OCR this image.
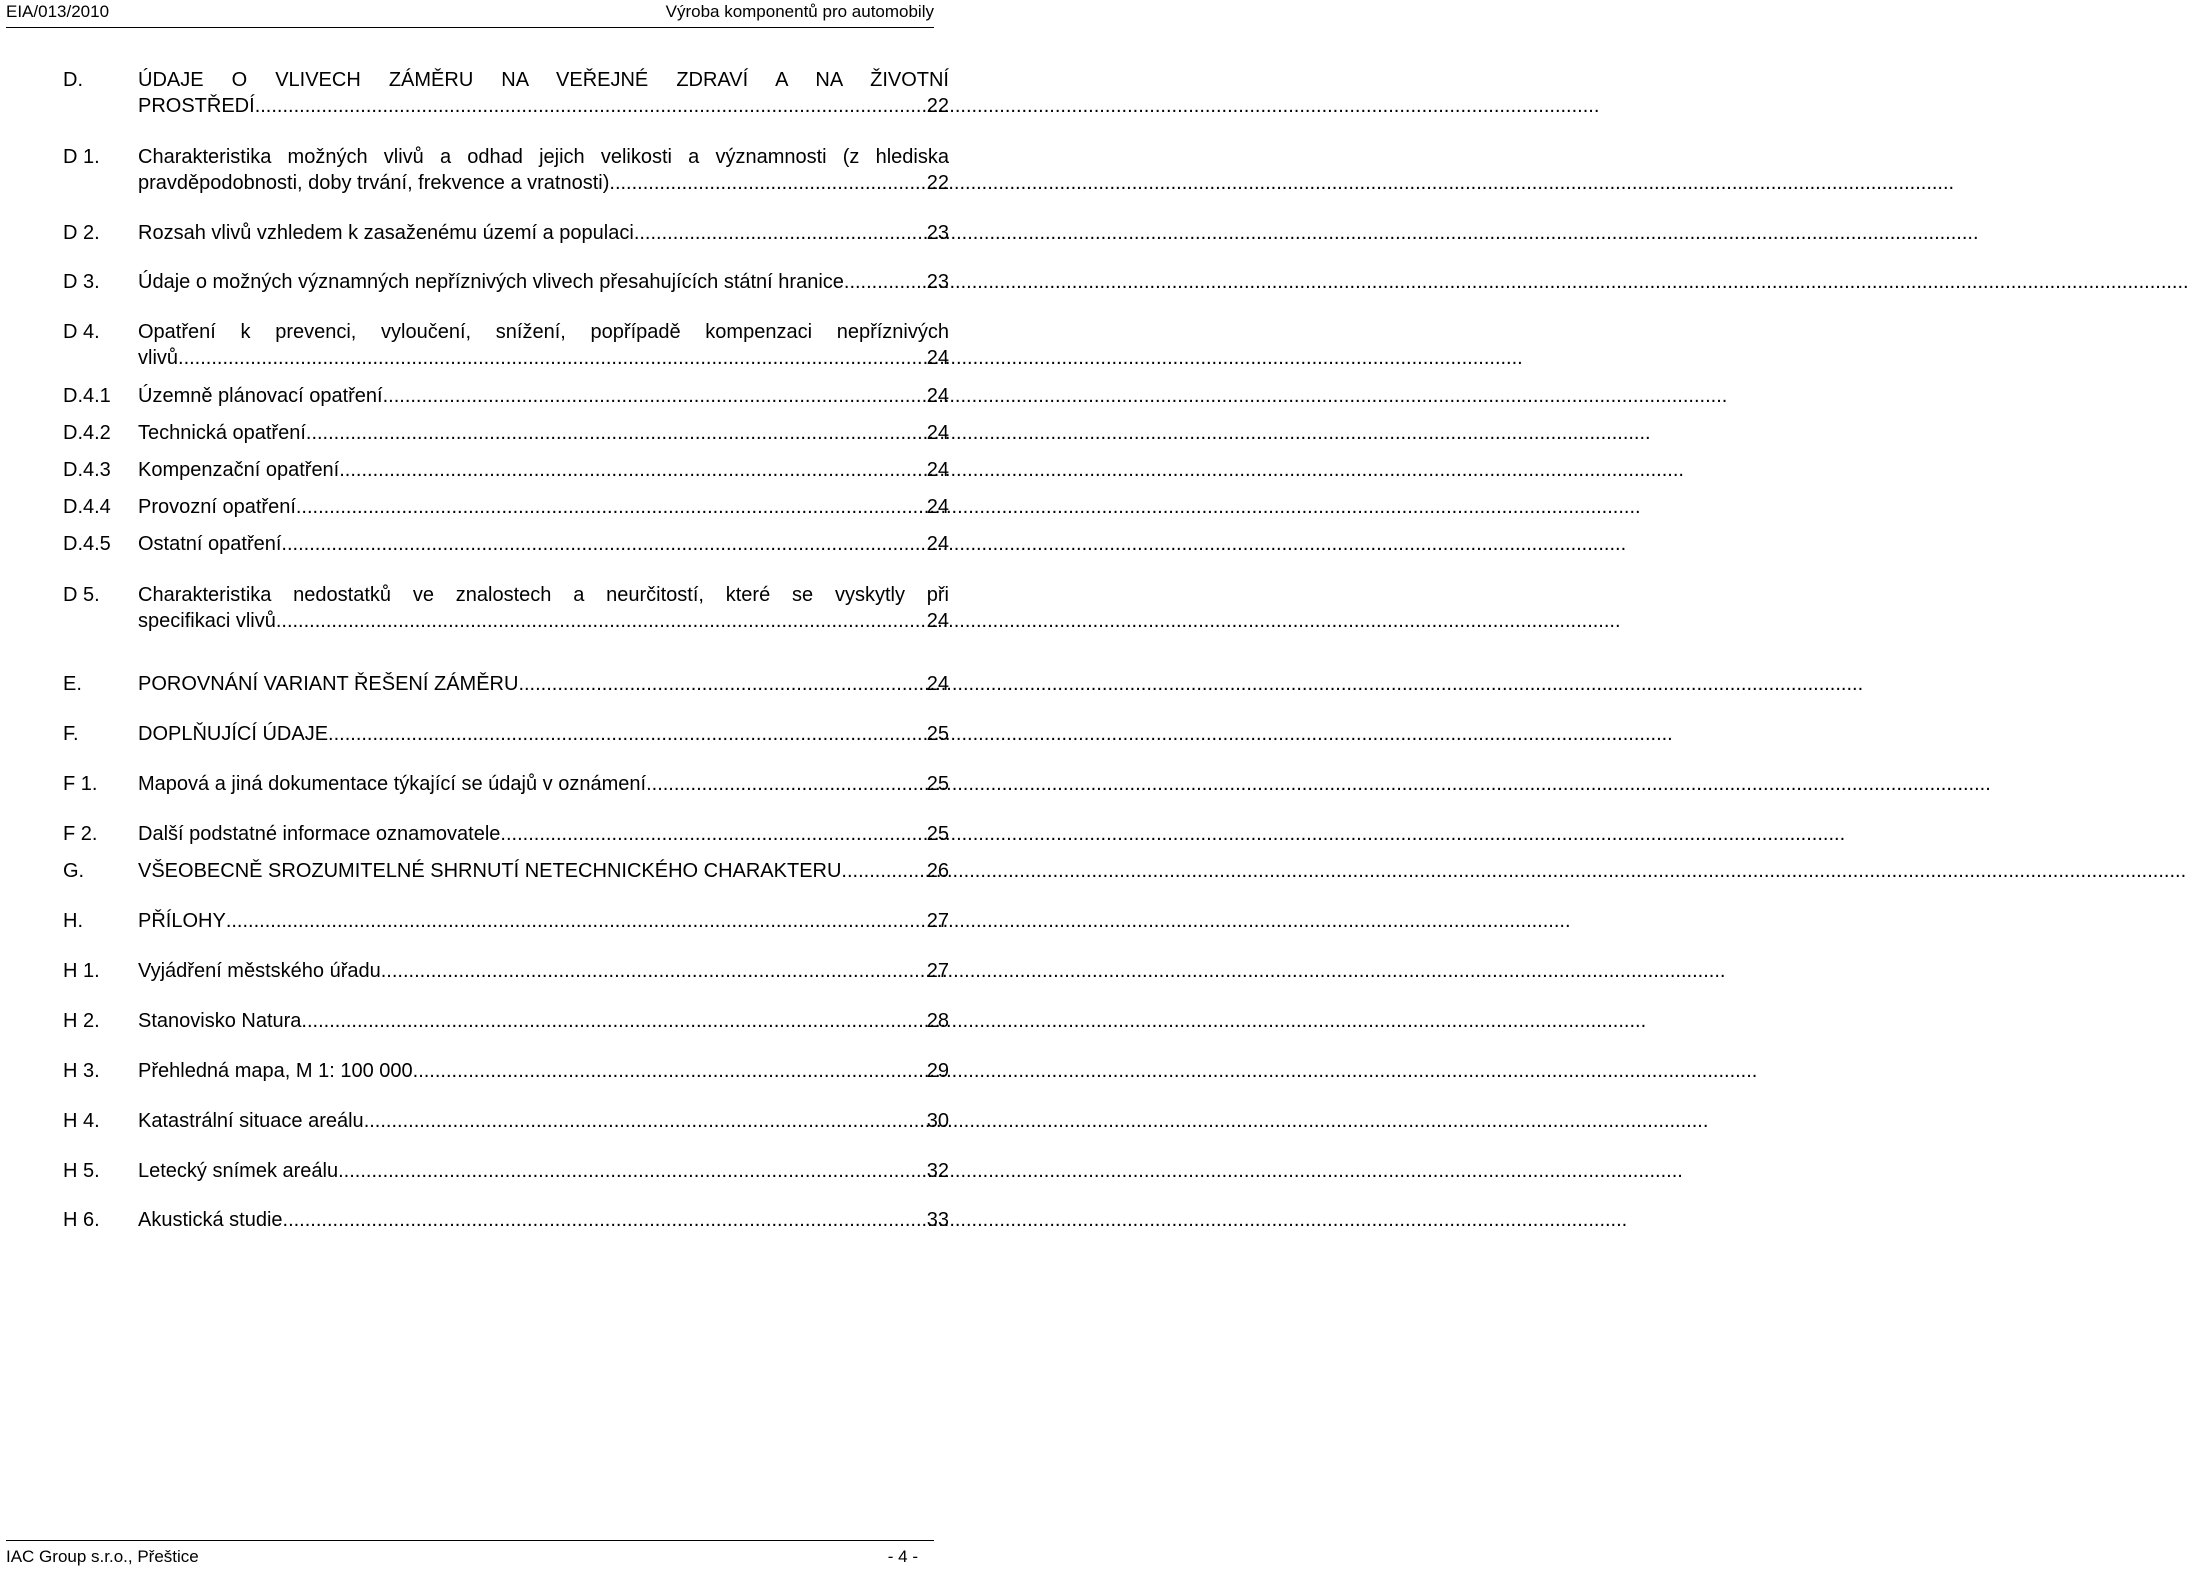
EIA/013/2010	Výroba komponentů pro automobily
D.	ÚDAJE O VLIVECH ZÁMĚRU NA VEŘEJNÉ ZDRAVÍ A NA ŽIVOTNÍ
PROSTŘEDÍ .....	22
D 1. Charakteristika možných vlivů a odhad jejich velikosti a významnosti (z hlediska
pravděpodobnosti, doby trvání, frekvence a vratnosti) .....	22
D 2. Rozsah vlivů vzhledem k zasaženému území a populaci .....	23
D 3. Údaje o možných významných nepříznivých vlivech přesahujících státní hranice .....	23
D 4. Opatření k prevenci, vyloučení, snížení, popřípadě kompenzaci nepříznivých
vlivů .....	24
D.4.1 Územně plánovací opatření .....	24
D.4.2 Technická opatření .....	24
D.4.3 Kompenzační opatření .....	24
D.4.4 Provozní opatření .....	24
D.4.5 Ostatní opatření .....	24
D 5. Charakteristika nedostatků ve znalostech a neurčitostí, které se vyskytly při
specifikaci vlivů .....	24
E.	POROVNÁNÍ VARIANT ŘEŠENÍ ZÁMĚRU .....	24
F.	DOPLŇUJÍCÍ ÚDAJE .....	25
F 1. Mapová a jiná dokumentace týkající se údajů v oznámení .....	25
F 2. Další podstatné informace oznamovatele .....	25
G.	VŠEOBECNĚ SROZUMITELNÉ SHRNUTÍ NETECHNICKÉHO CHARAKTERU .....	26
H.	PŘÍLOHY .....	27
H 1. Vyjádření městského úřadu .....	27
H 2. Stanovisko Natura .....	28
H 3. Přehledná mapa, M 1: 100 000 .....	29
H 4. Katastrální situace areálu .....	30
H 5. Letecký snímek areálu .....	32
H 6. Akustická studie .....	33
IAC Group s.r.o., Přeštice	- 4 -
